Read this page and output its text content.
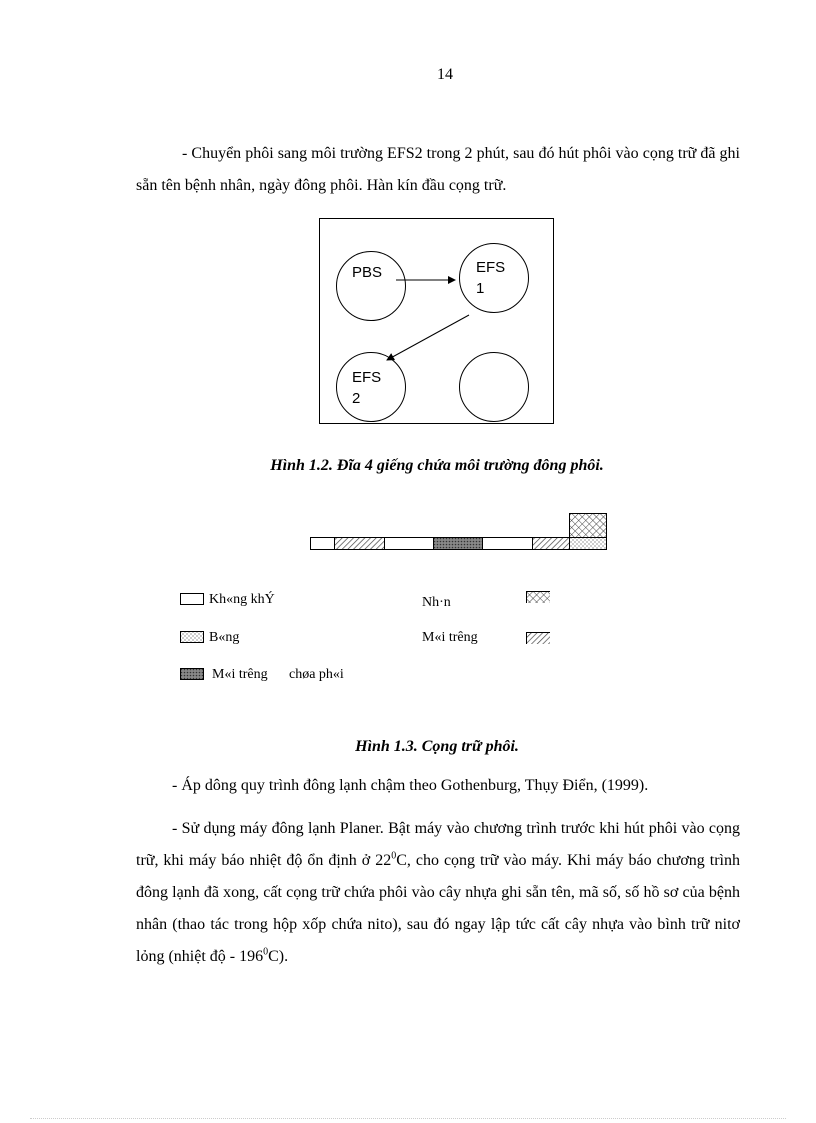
14
- Chuyển phôi sang môi trường EFS2 trong 2 phút, sau đó hút phôi vào cọng trữ đã ghi sẵn tên bệnh nhân, ngày đông phôi. Hàn kín đầu cọng trữ.
PBS	EFS
1
EFS
2
Hình 1.2. Đĩa 4 giếng chứa môi trường đông phôi.
Kh«ng khÝ
B«ng
M«i trêng chøa ph«i
Nh·n
M«i trêng
Hình 1.3. Cọng trữ phôi.
- Áp dông quy trình đông lạnh chậm theo Gothenburg, Thụy Điển, (1999).
- Sử dụng máy đông lạnh Planer. Bật máy vào chương trình trước khi hút phôi vào cọng trữ, khi máy báo nhiệt độ ổn định ở $22^0C$, cho cọng trữ vào máy. Khi máy báo chương trình đông lạnh đã xong, cất cọng trữ chứa phôi vào cây nhựa ghi sẵn tên, mã số, số hồ sơ của bệnh nhân (thao tác trong hộp xốp chứa nito), sau đó ngay lập tức cất cây nhựa vào bình trữ nitơ lỏng (nhiệt độ - $196^0C$).
